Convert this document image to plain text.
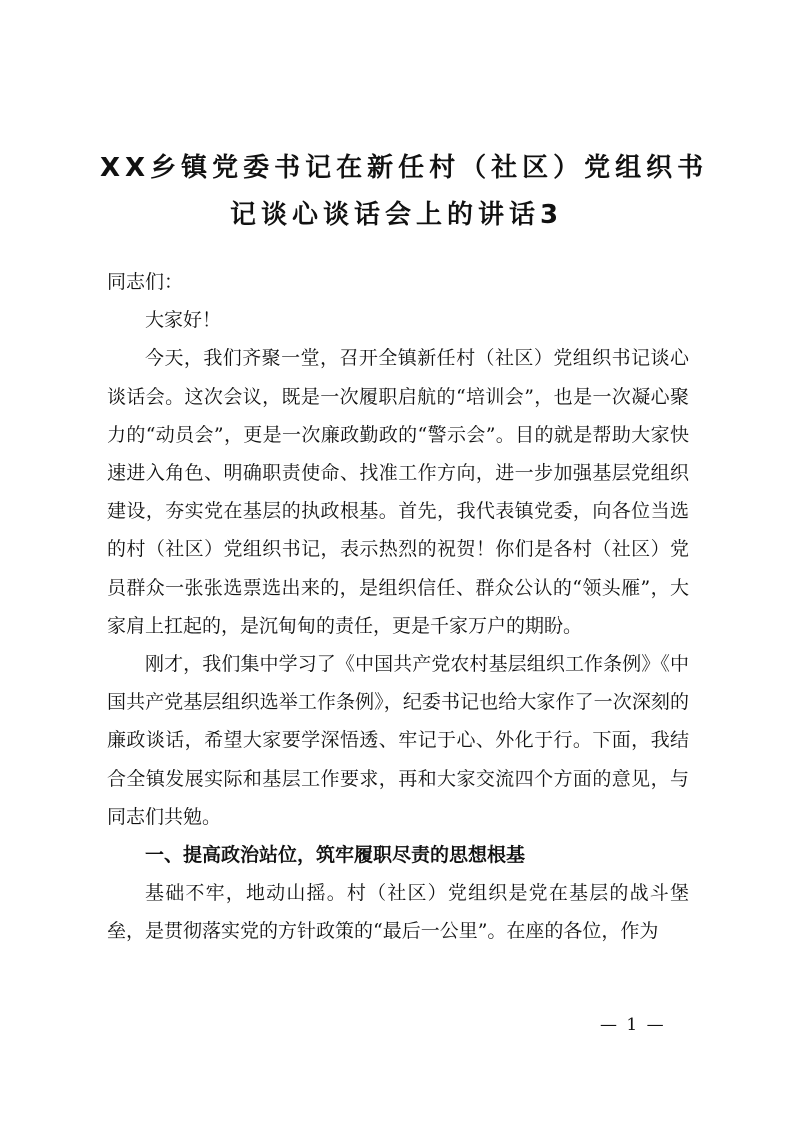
XX乡镇党委书记在新任村（社区）党组织书
记谈心谈话会上的讲话3

同志们：

大家好！

今天，我们齐聚一堂，召开全镇新任村（社区）党组织书记谈心谈话会。这次会议，既是一次履职启航的“培训会”，也是一次凝心聚力的“动员会”，更是一次廉政勤政的“警示会”。目的就是帮助大家快速进入角色、明确职责使命、找准工作方向，进一步加强基层党组织建设，夯实党在基层的执政根基。首先，我代表镇党委，向各位当选的村（社区）党组织书记，表示热烈的祝贺！你们是各村（社区）党员群众一张张选票选出来的，是组织信任、群众公认的“领头雁”，大家肩上扛起的，是沉甸甸的责任，更是千家万户的期盼。

刚才，我们集中学习了《中国共产党农村基层组织工作条例》《中国共产党基层组织选举工作条例》，纪委书记也给大家作了一次深刻的廉政谈话，希望大家要学深悟透、牢记于心、外化于行。下面，我结合全镇发展实际和基层工作要求，再和大家交流四个方面的意见，与同志们共勉。

一、提高政治站位，筑牢履职尽责的思想根基

基础不牢，地动山摇。村（社区）党组织是党在基层的战斗堡垒，是贯彻落实党的方针政策的“最后一公里”。在座的各位，作为

— 1 —
